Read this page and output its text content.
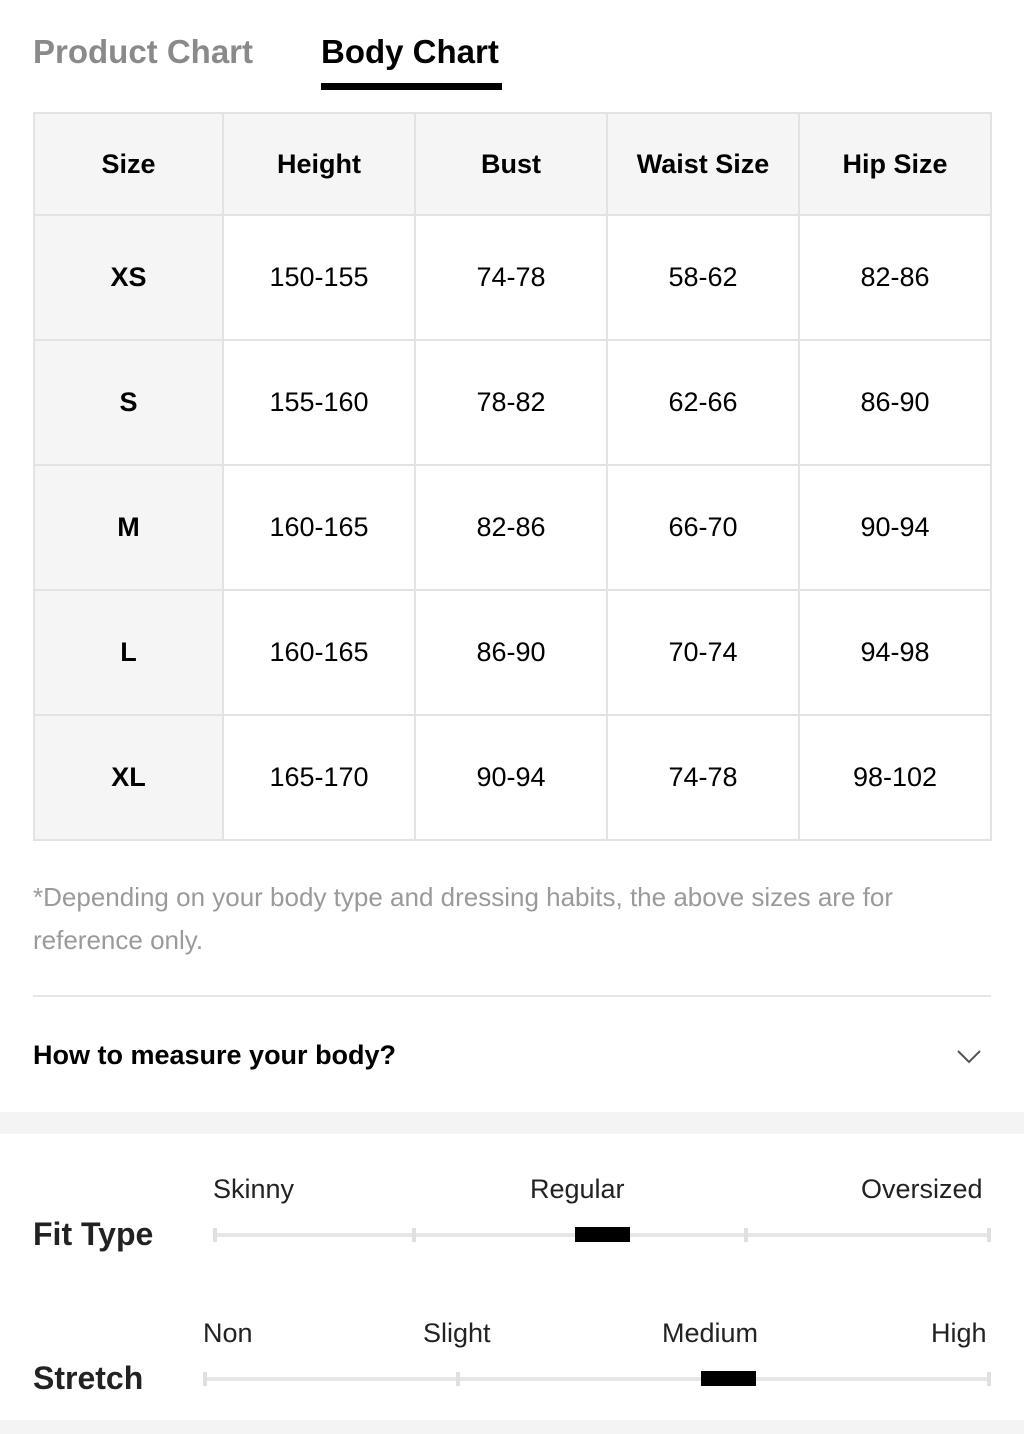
Product Chart Body Chart
Size	Height	Bust	Waist Size	Hip Size
XS	150-155	74-78	58-62	82-86
S	155-160	78-82	62-66	86-90
M	160-165	82-86	66-70	90-94
L	160-165	86-90	70-74	94-98
XL	165-170	90-94	74-78	98-102
*Depending on your body type and dressing habits, the above sizes are for reference only.
How to measure your body?
Fit Type
Skinny	Regular	Oversized
Stretch
Non	Slight	Medium	High
